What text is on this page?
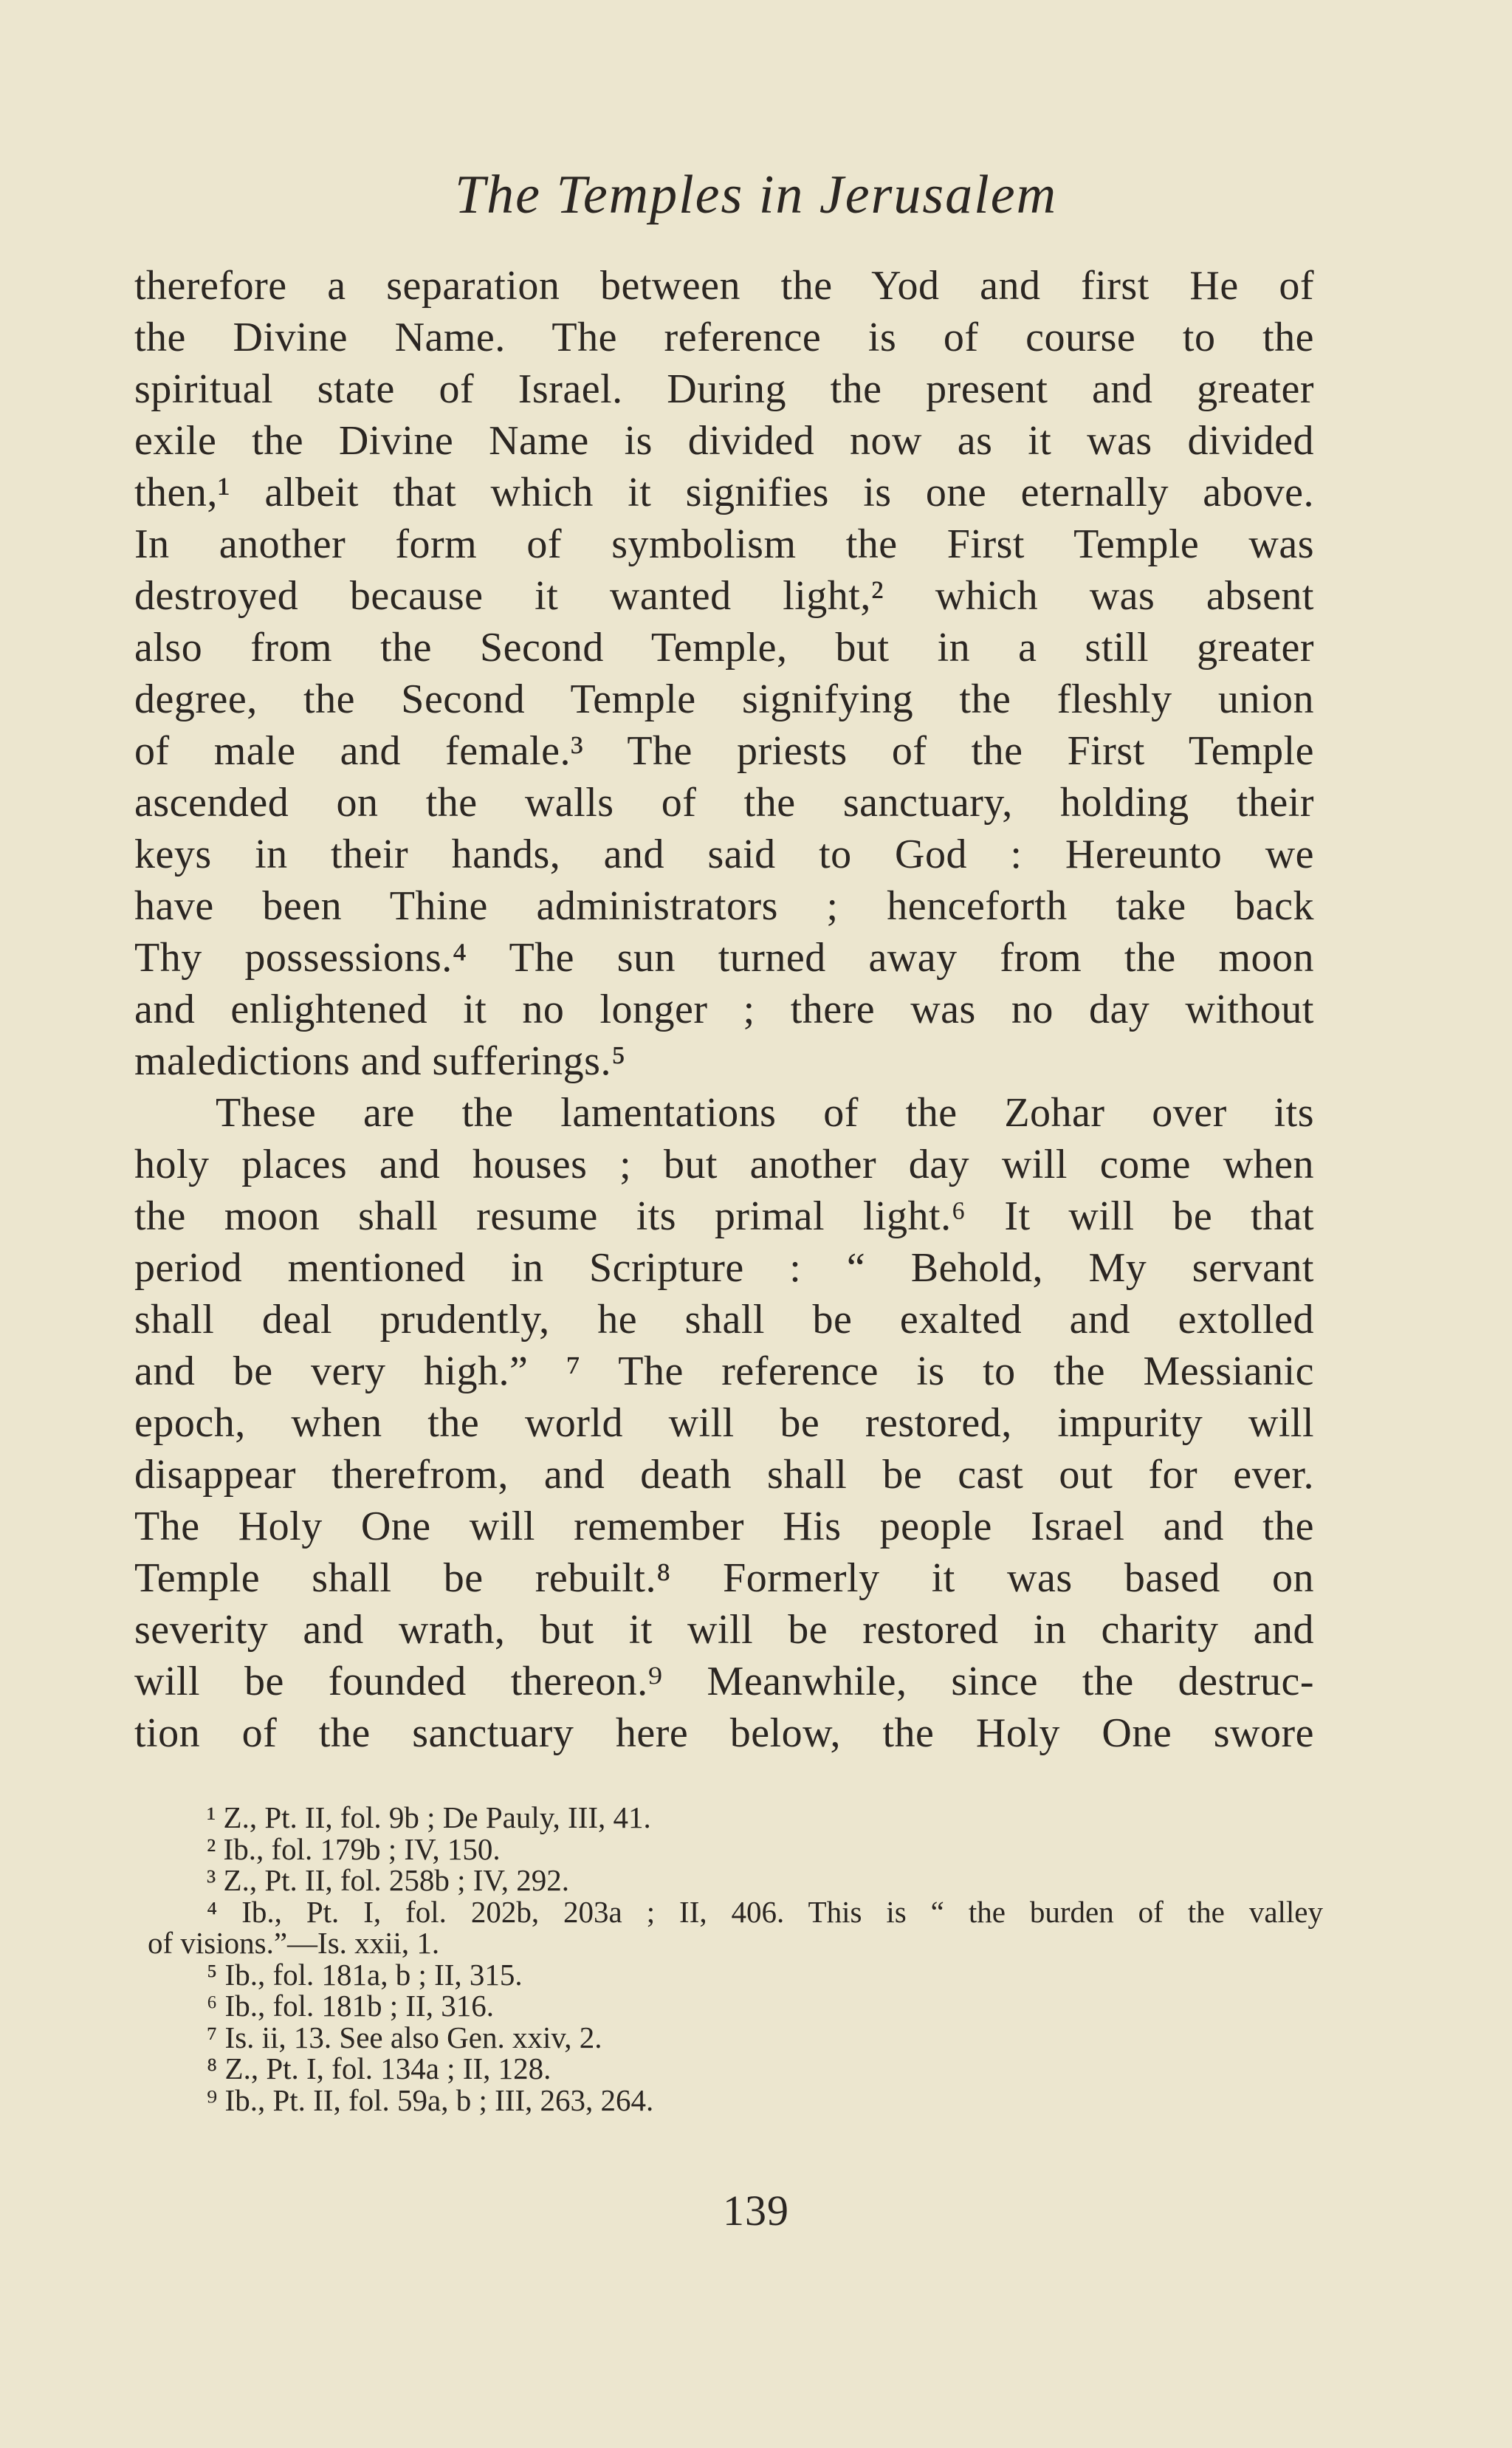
The Temples in Jerusalem
therefore a separation between the Yod and first He of
the Divine Name. The reference is of course to the
spiritual state of Israel. During the present and greater
exile the Divine Name is divided now as it was divided
then,¹ albeit that which it signifies is one eternally above.
In another form of symbolism the First Temple was
destroyed because it wanted light,² which was absent
also from the Second Temple, but in a still greater
degree, the Second Temple signifying the fleshly union
of male and female.³ The priests of the First Temple
ascended on the walls of the sanctuary, holding their
keys in their hands, and said to God : Hereunto we
have been Thine administrators ; henceforth take back
Thy possessions.⁴ The sun turned away from the moon
and enlightened it no longer ; there was no day without
maledictions and sufferings.⁵
These are the lamentations of the Zohar over its
holy places and houses ; but another day will come when
the moon shall resume its primal light.⁶ It will be that
period mentioned in Scripture : “ Behold, My servant
shall deal prudently, he shall be exalted and extolled
and be very high.” ⁷ The reference is to the Messianic
epoch, when the world will be restored, impurity will
disappear therefrom, and death shall be cast out for ever.
The Holy One will remember His people Israel and the
Temple shall be rebuilt.⁸ Formerly it was based on
severity and wrath, but it will be restored in charity and
will be founded thereon.⁹ Meanwhile, since the destruc-
tion of the sanctuary here below, the Holy One swore
¹ Z., Pt. II, fol. 9b ; De Pauly, III, 41.
² Ib., fol. 179b ; IV, 150.
³ Z., Pt. II, fol. 258b ; IV, 292.
⁴ Ib., Pt. I, fol. 202b, 203a ; II, 406. This is “ the burden of the valley
of visions.”—Is. xxii, 1.
⁵ Ib., fol. 181a, b ; II, 315.
⁶ Ib., fol. 181b ; II, 316.
⁷ Is. ii, 13. See also Gen. xxiv, 2.
⁸ Z., Pt. I, fol. 134a ; II, 128.
⁹ Ib., Pt. II, fol. 59a, b ; III, 263, 264.
139
